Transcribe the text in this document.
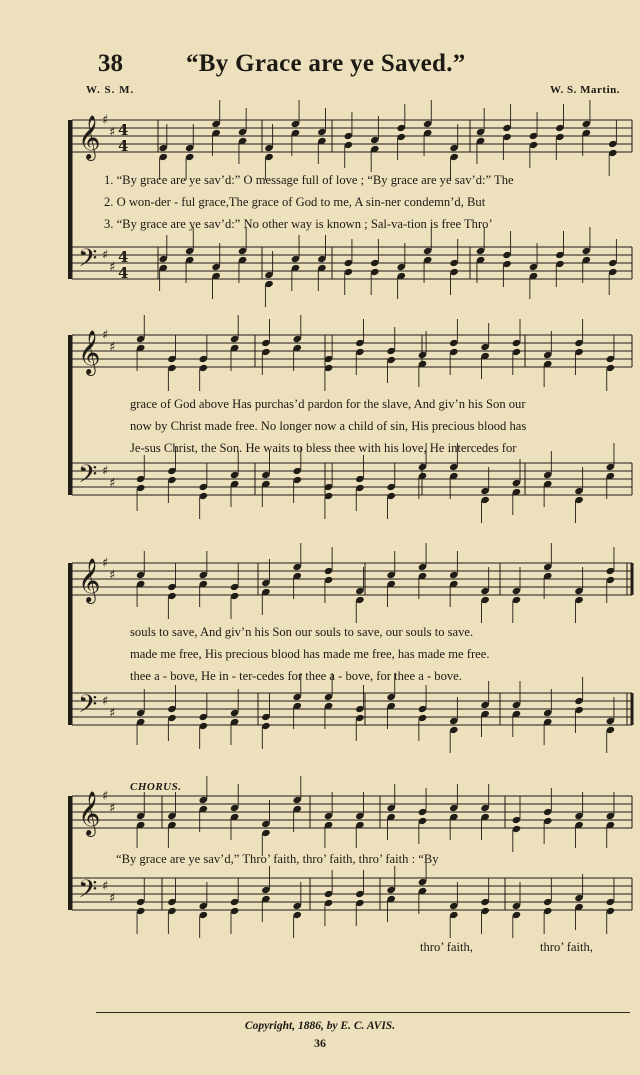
𝄞
𝄢
♯
♯
♯
♯
4
4
4
4
𝄞
𝄢
♯
♯
♯
♯
𝄞
𝄢
♯
♯
♯
♯
𝄞
𝄢
♯
♯
♯
♯
38	“By Grace are ye Saved.”
W. S. M.	W. S. Martin.
1. “By grace are ye sav’d:” O message full of love ; “By grace are ye sav’d:” The
2. O won-der - ful grace,The grace of God to me, A sin-ner condemn’d, But
3. “By grace are ye sav’d:” No other way is known ; Sal-va-tion is free Thro’
grace of God above Has purchas’d pardon for the slave, And giv’n his Son our
now by Christ made free. No longer now a child of sin, His precious blood has
Je-sus Christ, the Son. He waits to bless thee with his love, He intercedes for
souls to save, And giv’n his Son our souls to save, our souls to save.
made me free, His precious blood has made me free, has made me free.
thee a - bove, He in - ter-cedes for thee a - bove, for thee a - bove.
CHORUS.
“By grace are ye sav’d,” Thro’ faith, thro’ faith, thro’ faith : “By
thro’ faith,	thro’ faith,
Copyright, 1886, by E. C. AVIS.
36
